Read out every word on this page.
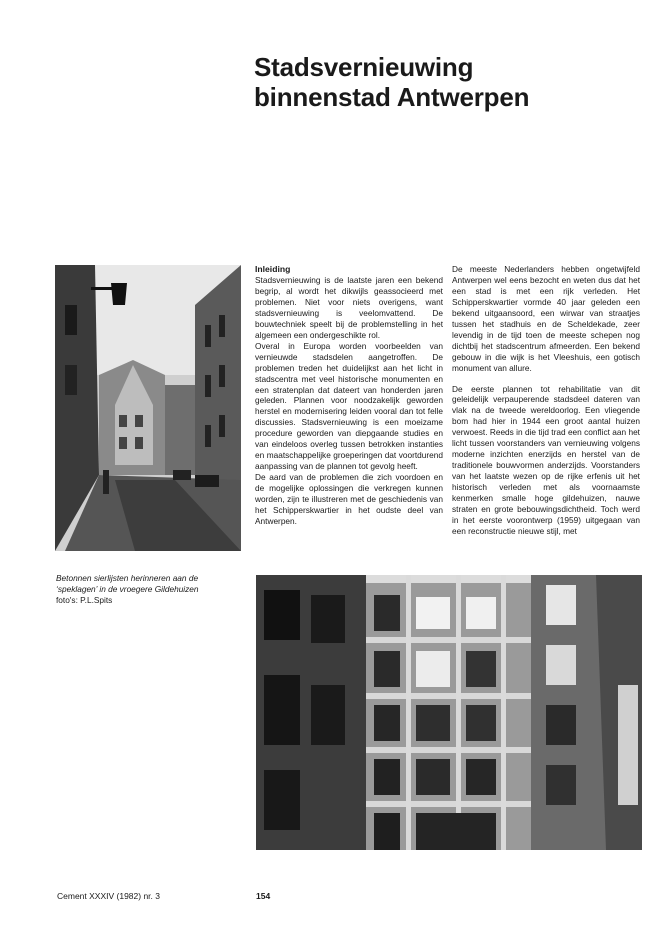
Stadsvernieuwing
binnenstad Antwerpen
Inleiding

Stadsvernieuwing is de laatste jaren een bekend begrip, al wordt het dikwijls geassocieerd met problemen. Niet voor niets overigens, want stadsvernieuwing is veelomvattend. De bouwtechniek speelt bij de problemstelling in het algemeen een ondergeschikte rol.

Overal in Europa worden voorbeelden van vernieuwde stadsdelen aangetroffen. De problemen treden het duidelijkst aan het licht in stadscentra met veel historische monumenten en een stratenplan dat dateert van honderden jaren geleden. Plannen voor noodzakelijk geworden herstel en modernisering leiden vooral dan tot felle discussies. Stadsvernieuwing is een moeizame procedure geworden van diepgaande studies en van eindeloos overleg tussen betrokken instanties en maatschappelijke groeperingen dat voortdurend aanpassing van de plannen tot gevolg heeft.

De aard van de problemen die zich voordoen en de mogelijke oplossingen die verkregen kunnen worden, zijn te illustreren met de geschiedenis van het Schipperskwartier in het oudste deel van Antwerpen.

De meeste Nederlanders hebben ongetwijfeld Antwerpen wel eens bezocht en weten dus dat het een stad is met een rijk verleden. Het Schipperskwartier vormde 40 jaar geleden een bekend uitgaansoord, een wirwar van straatjes tussen het stadhuis en de Scheldekade, zeer levendig in de tijd toen de meeste schepen nog dichtbij het stadscentrum afmeerden. Een bekend gebouw in die wijk is het Vleeshuis, een gotisch monument van allure.

De eerste plannen tot rehabilitatie van dit geleidelijk verpauperende stadsdeel dateren van vlak na de tweede wereldoorlog. Een vliegende bom had hier in 1944 een groot aantal huizen verwoest. Reeds in die tijd trad een conflict aan het licht tussen voorstanders van vernieuwing volgens moderne inzichten enerzijds en herstel van de traditionele bouwvormen anderzijds. Voorstanders van het laatste wezen op de rijke erfenis uit het historisch verleden met als voornaamste kenmerken smalle hoge gildehuizen, nauwe straten en grote bebouwingsdichtheid. Toch werd in het eerste voorontwerp (1959) uitgegaan van een reconstructie nieuwe stijl, met

Betonnen sierlijsten herinneren aan de
‘speklagen’ in de vroegere Gildehuizen
foto's: P.L.Spits
Cement XXXIV (1982) nr. 3	154
